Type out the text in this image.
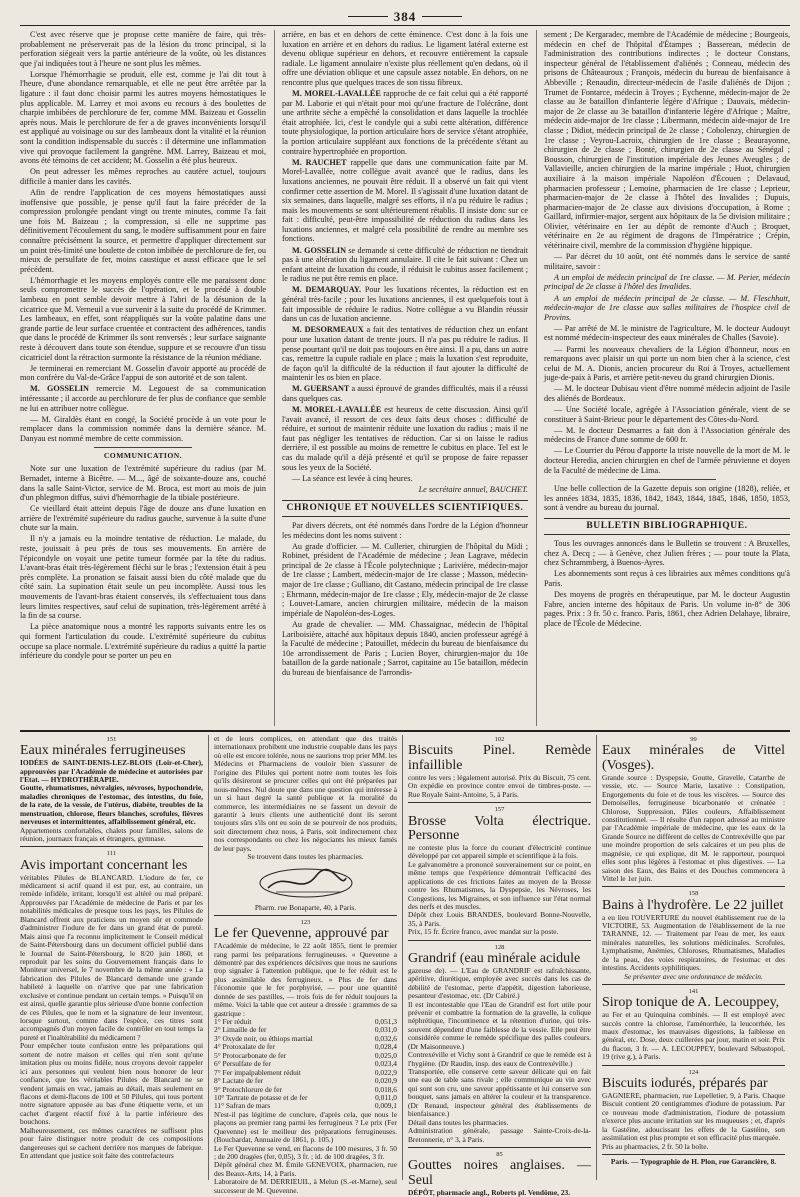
384

C'est avec réserve que je propose cette manière de faire, qui très-probablement ne préserverait pas de la lésion du tronc principal, si la perforation siégeait vers la partie antérieure de la voûte, où les distances que j'ai indiquées tout à l'heure ne sont plus les mêmes.

Lorsque l'hémorrhagie se produit, elle est, comme je l'ai dit tout à l'heure, d'une abondance remarquable, et elle ne peut être arrêtée par la ligature : il faut donc choisir parmi les autres moyens hémostatiques le plus applicable. M. Larrey et moi avons eu recours à des boulettes de charpie imbibées de perchlorure de fer, comme MM. Baizeau et Gosselin après nous. Mais le perchlorure de fer a de graves inconvénients lorsqu'il est appliqué au voisinage ou sur des lambeaux dont la vitalité et la réunion sont la condition indispensable du succès : il détermine une inflammation vive qui provoque facilement la gangrène. MM. Larrey, Baizeau et moi, avons été témoins de cet accident; M. Gosselin a été plus heureux.

On peut adresser les mêmes reproches au cautère actuel, toujours difficile à manier dans les cavités.

Afin de rendre l'application de ces moyens hémostatiques aussi inoffensive que possible, je pense qu'il faut la faire précéder de la compression prolongée pendant vingt ou trente minutes, comme l'a fait une fois M. Baizeau ; la compression, si elle ne supprime pas définitivement l'écoulement du sang, le modère suffisamment pour en faire connaître précisément la source, et permettre d'appliquer directement sur un point très-limité une boulette de coton imbibée de perchlorure de fer, ou mieux de persulfate de fer, moins caustique et aussi efficace que le sel précédent.

L'hémorrhagie et les moyens employés contre elle me paraissent donc seuls compromettre le succès de l'opération, et le procédé à double lambeau en pont semble devoir mettre à l'abri de la désunion de la cicatrice que M. Verneuil a vue survenir à la suite du procédé de Krimmer. Les lambeaux, en effet, sont réappliqués sur la voûte palatine dans une grande partie de leur surface cruentée et contractent des adhérences, tandis que dans le procédé de Krimmer ils sont renversés ; leur surface saignante reste à découvert dans toute son étendue, suppure et se recouvre d'un tissu cicatriciel dont la rétraction surmonte la résistance de la réunion médiane.

Je terminerai en remerciant M. Gosselin d'avoir apporté au procédé de mon confrère du Val-de-Grâce l'appui de son autorité et de son talent.

M. GOSSELIN remercie M. Legouest de sa communication intéressante ; il accorde au perchlorure de fer plus de confiance que semble ne lui en attribuer notre collègue.

— M. Giraldès étant en congé, la Société procède à un vote pour le remplacer dans la commission nommée dans la dernière séance. M. Danyau est nommé membre de cette commission.

COMMUNICATION.

Note sur une luxation de l'extrémité supérieure du radius (par M. Bernadet, interne à Bicêtre. — M..., âgé de soixante-douze ans, couché dans la salle Saint-Victor, service de M. Broca, est mort au mois de juin d'un phlegmon diffus, suivi d'hémorrhagie de la tibiale postérieure.

Ce vieillard était atteint depuis l'âge de douze ans d'une luxation en arrière de l'extrémité supérieure du radius gauche, survenue à la suite d'une chute sur la main.

Il n'y a jamais eu la moindre tentative de réduction. Le malade, du reste, jouissait à peu près de tous ses mouvements. En arrière de l'épicondyle on voyait une petite tumeur formée par la tête du radius. L'avant-bras était très-légèrement fléchi sur le bras ; l'extension était à peu près complète. La pronation se faisait aussi bien du côté malade que du côté sain. La supination était seule un peu incomplète. Aussi tous les mouvements de l'avant-bras étaient conservés, ils s'effectuaient tous dans leurs limites respectives, sauf celui de supination, très-légèrement arrêté à la fin de sa course.

La pièce anatomique nous a montré les rapports suivants entre les os qui forment l'articulation du coude. L'extrémité supérieure du cubitus occupe sa place normale. L'extrémité supérieure du radius a quitté la partie inférieure du condyle pour se porter un peu en

arrière, en bas et en dehors de cette éminence. C'est donc à la fois une luxation en arrière et en dehors du radius. Le ligament latéral externe est devenu oblique supérieur en dehors, et recouvre entièrement la capsule radiale. Le ligament annulaire n'existe plus réellement qu'en dedans, où il offre une déviation oblique et une capsule assez notable. En dehors, on ne rencontre plus que quelques traces de son tissu fibreux.

M. MOREL-LAVALLÉE rapproche de ce fait celui qui a été rapporté par M. Laborie et qui n'était pour moi qu'une fracture de l'olécrâne, dont une arthrite sèche a empêché la consolidation et dans laquelle la trochlée était atrophiée. Ici, c'est le condyle qui a subi cette altération, différence toute physiologique, la portion articulaire hors de service s'étant atrophiée, la portion articulaire suppléant aux fonctions de la précédente s'étant au contraire hypertrophiée en proportion.

M. RAUCHET rappelle que dans une communication faite par M. Morel-Lavallée, notre collègue avait avancé que le radius, dans les luxations anciennes, ne pouvait être réduit. Il a observé un fait qui vient confirmer cette assertion de M. Morel. Il s'agissait d'une luxation datant de six semaines, dans laquelle, malgré ses efforts, il n'a pu réduire le radius ; mais les mouvements se sont ultérieurement rétablis. Il insiste donc sur ce fait : difficulté, peut-être impossibilité de réduction du radius dans les luxations anciennes, et malgré cela possibilité de rendre au membre ses fonctions.

M. GOSSELIN se demande si cette difficulté de réduction ne tiendrait pas à une altération du ligament annulaire. Il cite le fait suivant : Chez un enfant atteint de luxation du coude, il réduisit le cubitus assez facilement ; le radius ne put être remis en place.

M. DEMARQUAY. Pour les luxations récentes, la réduction est en général très-facile ; pour les luxations anciennes, il est quelquefois tout à fait impossible de réduire le radius. Notre collègue a vu Blandin réussir dans un cas de luxation ancienne.

M. DESORMEAUX a fait des tentatives de réduction chez un enfant pour une luxation datant de trente jours. Il n'a pas pu réduire le radius. Il pense pourtant qu'il ne doit pas toujours en être ainsi. Il a pu, dans un autre cas, remettre la cupule radiale en place ; mais la luxation s'est reproduite, de façon qu'il la difficulté de la réduction il faut ajouter la difficulté de maintenir les os bien en place.

M. GUERSANT a aussi éprouvé de grandes difficultés, mais il a réussi dans quelques cas.

M. MOREL-LAVALLÉE est heureux de cette discussion. Ainsi qu'il l'avait avancé, il ressort de ces deux faits deux choses : difficulté de réduire, et surtout de maintenir réduite une luxation du radius ; mais il ne faut pas négliger les tentatives de réduction. Car si on laisse le radius derrière, il est possible au moins de remettre le cubitus en place. Tel est le cas du malade qu'il a déjà présenté et qu'il se propose de faire repasser sous les yeux de la Société.

— La séance est levée à cinq heures.

Le secrétaire annuel, BAUCHET.
CHRONIQUE ET NOUVELLES SCIENTIFIQUES.

Par divers décrets, ont été nommés dans l'ordre de la Légion d'honneur les médecins dont les noms suivent :

Au grade d'officier. — M. Cullerier, chirurgien de l'hôpital du Midi ; Robinet, président de l'Académie de médecine ; Jean Lagrave, médecin principal de 2e classe à l'École polytechnique ; Larivière, médecin-major de 1re classe ; Lambert, médecin-major de 1re classe ; Masson, médecin-major de 1re classe ; Gulliano, dit Castano, médecin principal de 1re classe ; Ehrmann, médecin-major de 1re classe ; Ely, médecin-major de 2e classe ; Louvet-Lamare, ancien chirurgien militaire, médecin de la maison impériale de Napoléon-des-Loges.

Au grade de chevalier. — MM. Chassaignac, médecin de l'hôpital Lariboisière, attaché aux hôpitaux depuis 1840, ancien professeur agrégé à la Faculté de médecine ; Patouillet, médecin du bureau de bienfaisance du 10e arrondissement de Paris ; Lucien Boyer, chirurgien-major du 10e bataillon de la garde nationale ; Sarrot, capitaine au 15e bataillon, médecin du bureau de bienfaisance de l'arrondis-

sement ; De Kergaradec, membre de l'Académie de médecine ; Bourgeois, médecin en chef de l'hôpital d'Étampes ; Basserean, médecin de l'administration des contributions indirectes ; le docteur Constans, inspecteur général de l'établissement d'aliénés ; Conneau, médecin des prisons de Châteauroux ; François, médecin du bureau de bienfaisance à Abbeville ; Renaudin, directeur-médecin de l'asile d'aliénés de Dijon ; Trumet de Fontarce, médecin à Troyes ; Eychenne, médecin-major de 2e classe au 3e bataillon d'infanterie légère d'Afrique ; Dauvais, médecin-major de 2e classe au 3e bataillon d'infanterie légère d'Afrique ; Maître, médecin aide-major de 1re classe ; Libermann, médecin aide-major de 1re classe ; Didiot, médecin principal de 2e classe ; Cobolenzy, chirurgien de 1re classe ; Veyrou-Lacroix, chirurgien de 1re classe ; Beaurayonne, chirurgien de 2e classe ; Bonté, chirurgien de 2e classe au Sénégal ; Bousson, chirurgien de l'institution impériale des Jeunes Aveugles ; de Vallavieille, ancien chirurgien de la marine impériale ; Huot, chirurgien auxiliaire à la maison impériale Napoléon d'Écouen ; Delavaud, pharmacien professeur ; Lemoine, pharmacien de 1re classe ; Leprieur, pharmacien-major de 2e classe à l'hôtel des Invalides ; Dupuis, pharmacien-major de 2e classe aux divisions d'occupation, à Rome ; Gaillard, infirmier-major, sergent aux hôpitaux de la 5e division militaire ; Olivier, vétérinaire en 1er au dépôt de remonte d'Auch ; Broquet, vétérinaire en 2e au régiment de dragons de l'Impératrice ; Crépin, vétérinaire civil, membre de la commission d'hygiène hippique.

— Par décret du 10 août, ont été nommés dans le service de santé militaire, savoir :

A un emploi de médecin principal de 1re classe. — M. Perier, médecin principal de 2e classe à l'hôtel des Invalides.

A un emploi de médecin principal de 2e classe. — M. Fleschhutt, médecin-major de 1re classe aux salles militaires de l'hospice civil de Provins.

— Par arrêté de M. le ministre de l'agriculture, M. le docteur Audouyt est nommé médecin-inspecteur des eaux minérales de Challes (Savoie).

— Parmi les nouveaux chevaliers de la Légion d'honneur, nous en remarquons avec plaisir un qui porte un nom bien cher à la science, c'est celui de M. A. Dionis, ancien procureur du Roi à Troyes, actuellement juge-de-paix à Paris, et arrière petit-neveu du grand chirurgien Dionis.

— M. le docteur Dubisau vient d'être nommé médecin adjoint de l'asile des aliénés de Bordeaux.

— Une Société locale, agrégée à l'Association générale, vient de se constituer à Saint-Brieuc pour le département des Côtes-du-Nord.

— M. le docteur Desmarres a fait don à l'Association générale des médecins de France d'une somme de 600 fr.

— Le Courrier du Pérou d'apporte la triste nouvelle de la mort de M. le docteur Heredia, ancien chirurgien en chef de l'armée péruvienne et doyen de la Faculté de médecine de Lima.

Une belle collection de la Gazette depuis son origine (1828), reliée, et les années 1834, 1835, 1836, 1842, 1843, 1844, 1845, 1846, 1850, 1853, sont à vendre au bureau du journal.

BULLETIN BIBLIOGRAPHIQUE.

Tous les ouvrages annoncés dans le Bulletin se trouvent : A Bruxelles, chez A. Decq ; — à Genève, chez Julien frères ; — pour toute la Plata, chez Schrammberg, à Buenos-Ayres.

Les abonnements sont reçus à ces librairies aux mêmes conditions qu'à Paris.

Des moyens de progrès en thérapeutique, par M. le docteur Augustin Fabre, ancien interne des hôpitaux de Paris. Un volume in-8° de 306 pages. Prix : 3 fr. 50 c. franco. Paris, 1861, chez Adrien Delahaye, libraire, place de l'École de Médecine.

151
Eaux minérales ferrugineuses
IODÉES de SAINT-DENIS-LEZ-BLOIS (Loir-et-Cher), approuvées par l'Académie de médecine et autorisées par l'Etat. — HYDROTHÉRAPIE.
Goutte, rhumatismes, névralgies, névroses, hypochondrie, maladies chroniques de l'estomac, des intestins, du foie, de la rate, de la vessie, de l'utérus, diabète, troubles de la menstruation, chlorose, fleurs blanches, scrofules, fièvres nerveuses et intermittentes, affaiblissement général, etc.
Appartements confortables, chalets pour familles, salons de réunion, journaux français et étrangers, gymnase.
111
Avis important concernant les
véritables Pilules de BLANCARD. L'iodure de fer, ce médicament si actif quand il est pur, est, au contraire, un remède infidèle, irritant, lorsqu'il est altéré ou mal préparé. Approuvées par l'Académie de médecine de Paris et par les notabilités médicales de presque tous les pays, les Pilules de Blancard offrent aux praticiens un moyen sûr et commode d'administrer l'iodure de fer dans un grand état de pureté. Mais ainsi que l'a reconnu implicitement le Conseil médical de Saint-Pétersbourg dans un document officiel publié dans le Journal de Saint-Pétersbourg, le 8/20 juin 1860, et reproduit par les soins du Gouvernement français dans le Moniteur universel, le 7 novembre de la même année : « La fabrication des Pilules de Blancard demande une grande habileté à laquelle on n'arrive que par une fabrication exclusive et continue pendant un certain temps. » Puisqu'il en est ainsi, quelle garantie plus sérieuse d'une bonne confection de ces Pilules, que le nom et la signature de leur inventeur, lorsque surtout, comme dans l'espèce, ces titres sont accompagnés d'un moyen facile de contrôler en tout temps la pureté et l'inaltérabilité du médicament ?
Pour empêcher toute confusion entre les préparations qui sortent de notre maison et celles qui n'en sont qu'une imitation plus ou moins fidèle, nous croyons devoir rappeler ici aux personnes qui veulent bien nous honorer de leur confiance, que les véritables Pilules de Blancard ne se vendent jamais en vrac, jamais au détail, mais seulement en flacons et demi-flacons de 100 et 50 Pilules, qui tous portent notre signature apposée au bas d'une étiquette verte, et un cachet d'argent réactif fixé à la partie inférieure des bouchons.
Malheureusement, ces mêmes caractères ne suffisent plus pour faire distinguer notre produit de ces compositions dangereuses qui se cachent derrière nos marques de fabrique. En attendant que justice soit faite des contrefacteurs
et de leurs complices, en attendant que des traités internationaux prohibent une industrie coupable dans les pays où elle est encore tolérée, nous ne saurions trop prier MM. les Médecins et Pharmaciens de vouloir bien s'assurer de l'origine des Pilules qui portent notre nom toutes les fois qu'ils désireront se procurer celles qui ont été préparées par nous-mêmes. Nul doute que dans une question qui intéresse à un si haut degré la santé publique et la moralité du commerce, les intermédiaires ne se fassent un devoir de garantir à leurs clients une authenticité dont ils seront toujours sûrs s'ils ont eu soin de se pourvoir de nos produits, soit directement chez nous, à Paris, soit indirectement chez nos correspondants ou chez les négociants les mieux famés de leur pays.
Se trouvent dans toutes les pharmacies.
Pharm. rue Bonaparte, 40, à Paris.
123
Le fer Quevenne, approuvé par
l'Académie de médecine, le 22 août 1855, tient le premier rang parmi les préparations ferrugineuses. « Quevenne a démontré par des expériences décisives que nous ne saurions trop signaler à l'attention publique, que le fer réduit est le plus assimilable des ferrugineux. » Plus de fer dans l'économie que le fer porphyrisé, — pour une quantité donnée de ses pastilles, — trois fois de fer réduit toujours la même. Voici la table que cet auteur a dressée : grammes de sa gastrique :
1° Fer réduit	0,051,3
2° Limaille de fer	0,031,0
3° Oxyde noir, ou éthiops martial	0,032,6
4° Protoxalate de fer	0,028,4
5° Protocarbonate de fer	0,025,0
6° Persulfate de fer	0,023,4
7° Fer impalpablement réduit	0,022,9
8° Lactate de fer	0,020,9
9° Protochlorure de fer	0,018,6
10° Tartrate de potasse et de fer	0,011,0
11° Safran de mars	0,009,1
N'est-il pas légitime de conclure, d'après cela, que nous le plaçons au premier rang parmi les ferrugineux ? Le prix (Fer Quevenne) est le meilleur des préparations ferrugineuses. (Bouchardat, Annuaire de 1861, p. 105.)
Le Fer Quevenne se vend, en flacons de 100 mesures, 3 fr. 50 ; de 200 dragées (fer, 0,05), 3 fr. ; id. de 100 dragées, 3 fr.
Dépôt général chez M. Émile GENEVOIX, pharmacien, rue des Beaux-Arts, 14, à Paris.
Laboratoire de M. DERRIEUIL, à Melun (S.-et-Marne), seul successeur de M. Quevenne.
102
Biscuits Pinel. Remède infaillible
contre les vers ; légalement autorisé. Prix du Biscuit, 75 cent. On expédie en province contre envoi de timbres-poste. — Rue Royale Saint-Antoine, 5, à Paris.
157
Brosse Volta électrique. Personne
ne conteste plus la force du courant d'électricité continue développé par cet appareil simple et scientifique à la fois.
Le galvanomètre a prononcé souverainement sur ce point, en même temps que l'expérience démontrait l'efficacité des applications de ces frictions faites au moyen de la Brosse contre les Rhumatismes, la Dyspepsie, les Névroses, les Congestions, les Migraines, et son influence sur l'état normal des nerfs et des muscles.
Dépôt chez Louis BRANDES, boulevard Bonne-Nouvelle, 35, à Paris.
Prix, 15 fr. Écrire franco, avec mandat sur la poste.
128
Grandrif (eau minérale acidule
gazeuse de). — L'Eau de GRANDRIF est rafraîchissante, apéritive, diurétique, employée avec succès dans les cas de débilité de l'estomac, perte d'appétit, digestion laborieuse, pesanteur d'estomac, etc. (Dr Cabiré.)
Il est incontestable que l'Eau de Grandrif est fort utile pour prévenir et combattre la formation de la gravelle, la colique néphrétique, l'incontinence et la rétention d'urine, qui très-souvent dépendent d'une faiblesse de la vessie. Elle peut être considérée comme le remède spécifique des palles couleurs. (Dr Maisonneuve.)
Contrexéville et Vichy sont à Grandrif ce que le remède est à l'hygiène. (Dr Raudin, insp. des eaux de Contrexéville.)
Transportée, elle conserve cette saveur délicate qui en fait une eau de table sans rivale ; elle communique au vin avec qui sont son cru, une saveur appétissante et lui conserve son bouquet, sans jamais en altérer la couleur et la transparence. (Dr Renaud, inspecteur général des établissements de bienfaisance.)
Détail dans toutes les pharmacies.
Administration générale, passage Sainte-Croix-de-la-Bretonnerie, n° 3, à Paris.
85
Gouttes noires anglaises. — Seul
DÉPÔT, pharmacie angl., Roberts pl. Vendôme, 23.
99
Eaux minérales de Vittel (Vosges).
Grande source : Dyspepsie, Goutte, Gravelle, Catarrhe de vessie, etc. — Source Marie, laxative : Constipation, Engorgements du foie et de tous les viscères. — Source des Demoiselles, ferrugineuse bicarbonatée et crénatée : Chlorose, Suppression, Pâles couleurs, Affaiblissement constitutionnel. — Il résulte d'un rapport adressé au ministre par l'Académie impériale de médecine, que les eaux de la Grande Source ne diffèrent de celles de Contrexéville que par une moindre proportion de sels calcaires et un peu plus de magnésie, ce qui explique, dit M. le rapporteur, pourquoi elles sont plus légères à l'estomac et plus digestives. — La saison des Eaux, des Bains et des Douches commencera à Vittel le 1er juin.
158
Bains à l'hydrofère. Le 22 juillet
a eu lieu l'OUVERTURE du nouvel établissement rue de la VICTOIRE, 53. Augmentation de l'établissement de la rue TARANNE, 12. — Traitement par l'eau de mer, les eaux minérales naturelles, les solutions médicinales. Scrofules, Lymphatisme, Anémies, Chloroses, Rhumatismes, Maladies de la peau, des voies respiratoires, de l'estomac et des intestins. Accidents syphilitiques.
Se présenter avec une ordonnance de médecin.
141
Sirop tonique de A. Lecouppey,
au Fer et au Quinquina combinés. — Il est employé avec succès contre la chlorose, l'aménorrhée, la leucorrhée, les maux d'estomac, les mauvaises digestions, la faiblesse en général, etc. Dose, deux cuillerées par jour, matin et soir. Prix du flacon, 3 fr. — A. LECOUPPEY, boulevard Sébastopol, 19 (rive g.), à Paris.
124
Biscuits iodurés, préparés par
GAGNIERE, pharmacien, rue Lepelletier, 9, à Paris. Chaque Biscuit contient 20 centigrammes d'iodure de potassium. Par ce nouveau mode d'administration, l'iodure de potassium n'exerce plus aucune irritation sur les muqueuses ; et, d'après la Gastéine, adoucissant les effets de la Gastéine, son assimilation est plus prompte et son efficacité plus marquée.
Pris au pharmacies, 2 fr. 50 la boîte.
Paris. — Typographie de H. Plon, rue Garancière, 8.
